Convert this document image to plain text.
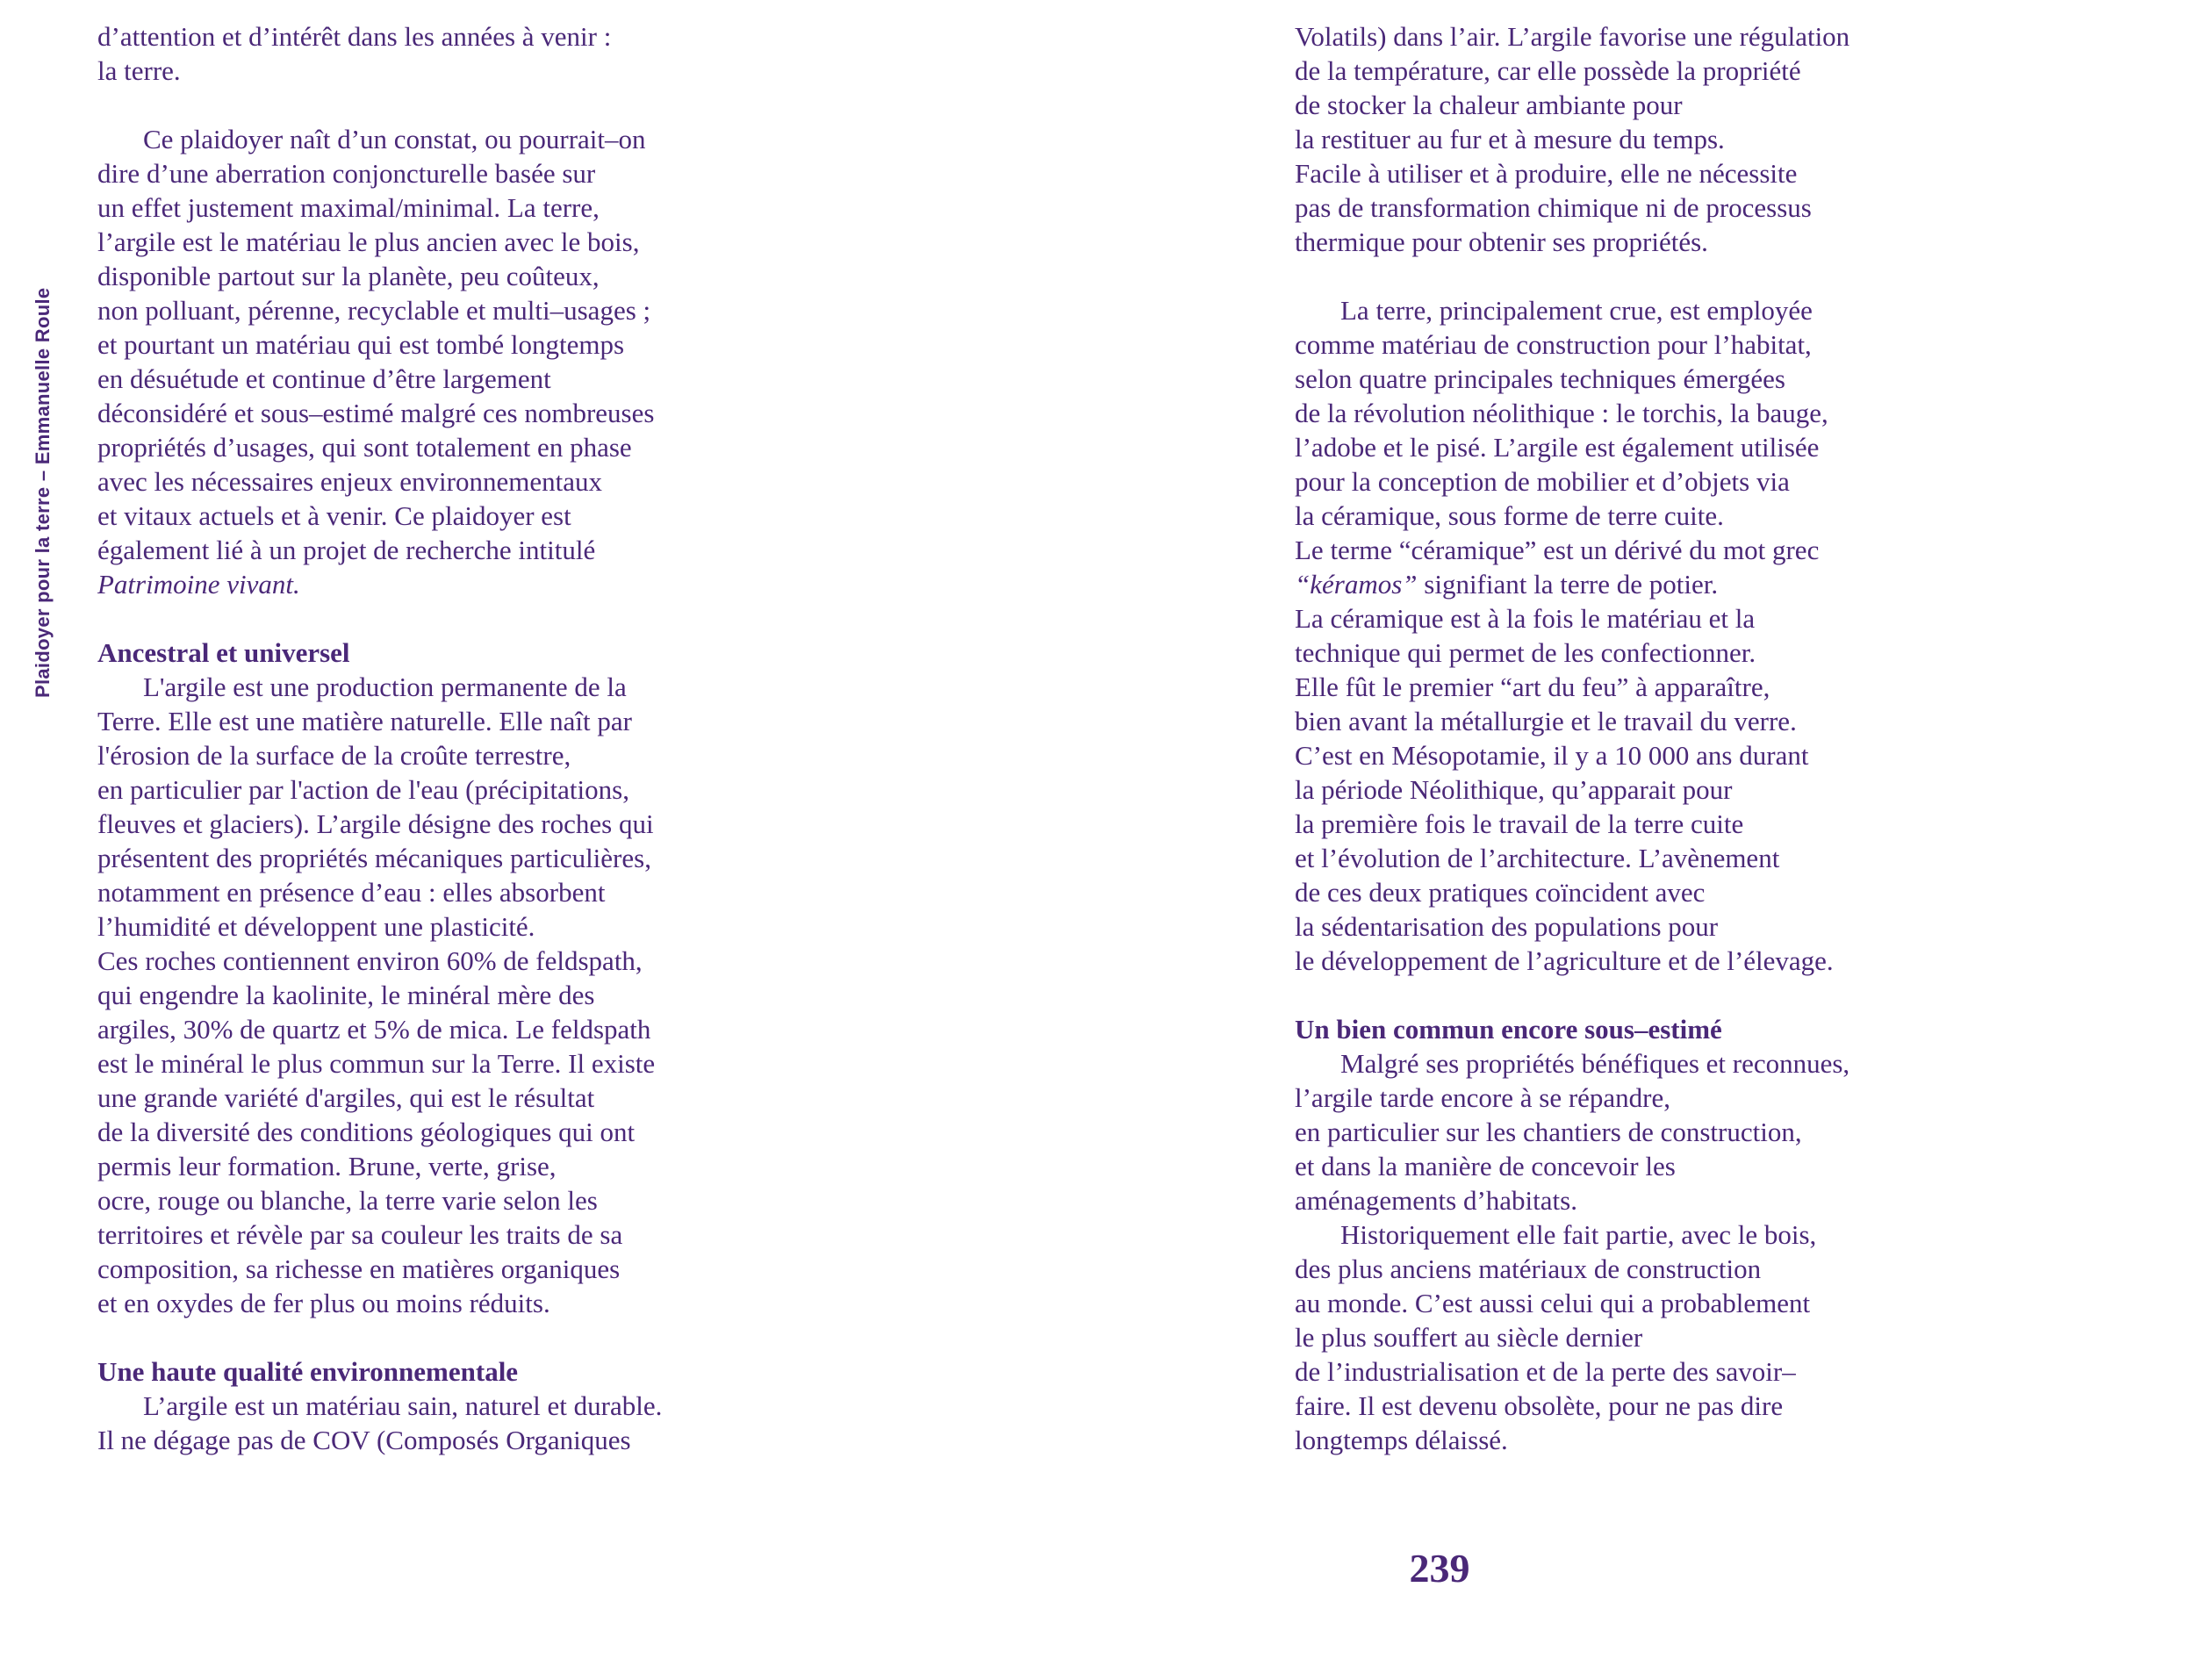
Plaidoyer pour la terre – Emmanuelle Roule
d’attention et d’intérêt dans les années à venir :
la terre.
Ce plaidoyer naît d’un constat, ou pourrait–on
dire d’une aberration conjoncturelle basée sur
un effet justement maximal/minimal. La terre,
l’argile est le matériau le plus ancien avec le bois,
disponible partout sur la planète, peu coûteux,
non polluant, pérenne, recyclable et multi–usages ;
et pourtant un matériau qui est tombé longtemps
en désuétude et continue d’être largement
déconsidéré et sous–estimé malgré ces nombreuses
propriétés d’usages, qui sont totalement en phase
avec les nécessaires enjeux environnementaux
et vitaux actuels et à venir. Ce plaidoyer est
également lié à un projet de recherche intitulé
Patrimoine vivant.
Ancestral et universel
L'argile est une production permanente de la
Terre. Elle est une matière naturelle. Elle naît par
l'érosion de la surface de la croûte terrestre,
en particulier par l'action de l'eau (précipitations,
fleuves et glaciers). L’argile désigne des roches qui
présentent des propriétés mécaniques particulières,
notamment en présence d’eau : elles absorbent
l’humidité et développent une plasticité.
Ces roches contiennent environ 60% de feldspath,
qui engendre la kaolinite, le minéral mère des
argiles, 30% de quartz et 5% de mica. Le feldspath
est le minéral le plus commun sur la Terre. Il existe
une grande variété d'argiles, qui est le résultat
de la diversité des conditions géologiques qui ont
permis leur formation. Brune, verte, grise,
ocre, rouge ou blanche, la terre varie selon les
territoires et révèle par sa couleur les traits de sa
composition, sa richesse en matières organiques
et en oxydes de fer plus ou moins réduits.
Une haute qualité environnementale
L’argile est un matériau sain, naturel et durable.
Il ne dégage pas de COV (Composés Organiques
Volatils) dans l’air. L’argile favorise une régulation
de la température, car elle possède la propriété
de stocker la chaleur ambiante pour
la restituer au fur et à mesure du temps.
Facile à utiliser et à produire, elle ne nécessite
pas de transformation chimique ni de processus
thermique pour obtenir ses propriétés.
La terre, principalement crue, est employée
comme matériau de construction pour l’habitat,
selon quatre principales techniques émergées
de la révolution néolithique : le torchis, la bauge,
l’adobe et le pisé. L’argile est également utilisée
pour la conception de mobilier et d’objets via
la céramique, sous forme de terre cuite.
Le terme “céramique” est un dérivé du mot grec
“kéramos” signifiant la terre de potier.
La céramique est à la fois le matériau et la
technique qui permet de les confectionner.
Elle fût le premier “art du feu” à apparaître,
bien avant la métallurgie et le travail du verre.
C’est en Mésopotamie, il y a 10 000 ans durant
la période Néolithique, qu’apparait pour
la première fois le travail de la terre cuite
et l’évolution de l’architecture. L’avènement
de ces deux pratiques coïncident avec
la sédentarisation des populations pour
le développement de l’agriculture et de l’élevage.
Un bien commun encore sous–estimé
Malgré ses propriétés bénéfiques et reconnues,
l’argile tarde encore à se répandre,
en particulier sur les chantiers de construction,
et dans la manière de concevoir les
aménagements d’habitats.
Historiquement elle fait partie, avec le bois,
des plus anciens matériaux de construction
au monde. C’est aussi celui qui a probablement
le plus souffert au siècle dernier
de l’industrialisation et de la perte des savoir–
faire. Il est devenu obsolète, pour ne pas dire
longtemps délaissé.
239
